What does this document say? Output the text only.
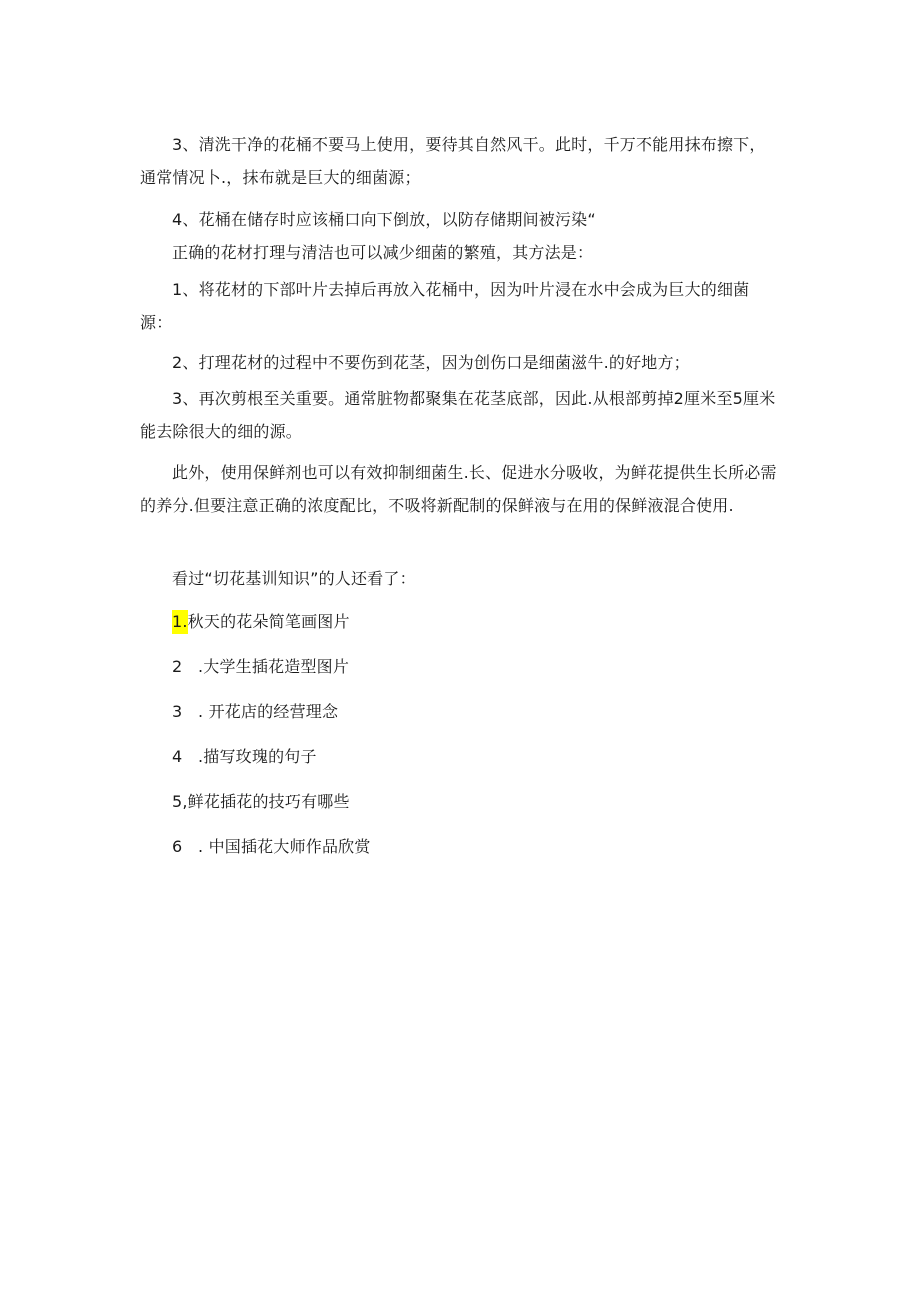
3、清洗干净的花桶不要马上使用，要待其自然风干。此时，千万不能用抹布擦下，通常情况卜.，抹布就是巨大的细菌源；

4、花桶在储存时应该桶口向下倒放，以防存储期间被污染“

正确的花材打理与清洁也可以减少细菌的繁殖，其方法是：

1、将花材的下部叶片去掉后再放入花桶中，因为叶片浸在水中会成为巨大的细菌源：

2、打理花材的过程中不要伤到花茎，因为创伤口是细菌滋牛.的好地方；

3、再次剪根至关重要。通常脏物都聚集在花茎底部，因此.从根部剪掉2厘米至5厘米能去除很大的细的源。

此外，使用保鲜剂也可以有效抑制细菌生.长、促进水分吸收，为鲜花提供生长所必需的养分.但要注意正确的浓度配比，不吸将新配制的保鲜液与在用的保鲜液混合使用.

看过“切花基训知识”的人还看了：

1.秋天的花朵简笔画图片
2 .大学生插花造型图片
3 . 开花店的经营理念
4 .描写玫瑰的句子
5,鲜花插花的技巧有哪些
6 . 中国插花大师作品欣赏
